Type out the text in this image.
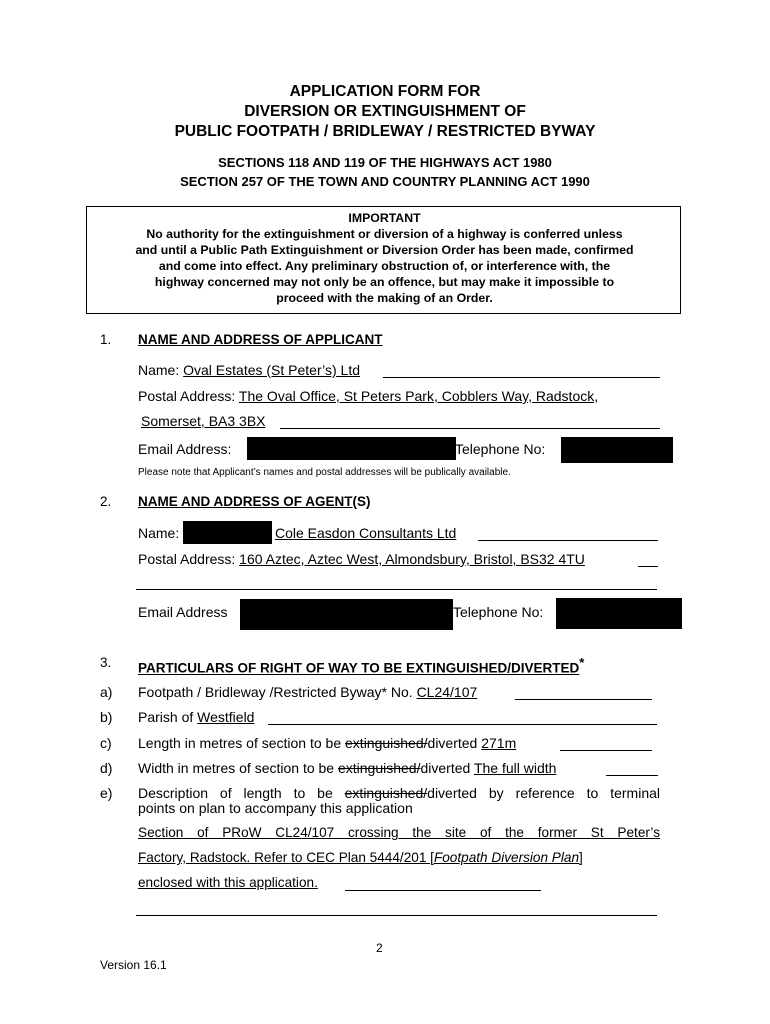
APPLICATION FORM FOR
DIVERSION OR EXTINGUISHMENT OF
PUBLIC FOOTPATH / BRIDLEWAY / RESTRICTED BYWAY
SECTIONS 118 AND 119 OF THE HIGHWAYS ACT 1980
SECTION 257 OF THE TOWN AND COUNTRY PLANNING ACT 1990
IMPORTANT
No authority for the extinguishment or diversion of a highway is conferred unless
and until a Public Path Extinguishment or Diversion Order has been made, confirmed
and come into effect. Any preliminary obstruction of, or interference with, the
highway concerned may not only be an offence, but may make it impossible to
proceed with the making of an Order.
1. NAME AND ADDRESS OF APPLICANT
Name: Oval Estates (St Peter’s) Ltd
Postal Address: The Oval Office, St Peters Park, Cobblers Way, Radstock,
Somerset, BA3 3BX
Email Address:	Telephone No:
Please note that Applicant’s names and postal addresses will be publically available.
2. NAME AND ADDRESS OF AGENT(S)
Name:	Cole Easdon Consultants Ltd
Postal Address: 160 Aztec, Aztec West, Almondsbury, Bristol, BS32 4TU
Email Address	Telephone No:
3. PARTICULARS OF RIGHT OF WAY TO BE EXTINGUISHED/DIVERTED*
a) Footpath / Bridleway /Restricted Byway* No. CL24/107
b) Parish of Westfield
c) Length in metres of section to be extinguished/diverted 271m
d) Width in metres of section to be extinguished/diverted The full width
e) Description of length to be extinguished/diverted by reference to terminal
points on plan to accompany this application
Section of PRoW CL24/107 crossing the site of the former St Peter’s
Factory, Radstock. Refer to CEC Plan 5444/201 [Footpath Diversion Plan]
enclosed with this application.
2
Version 16.1
